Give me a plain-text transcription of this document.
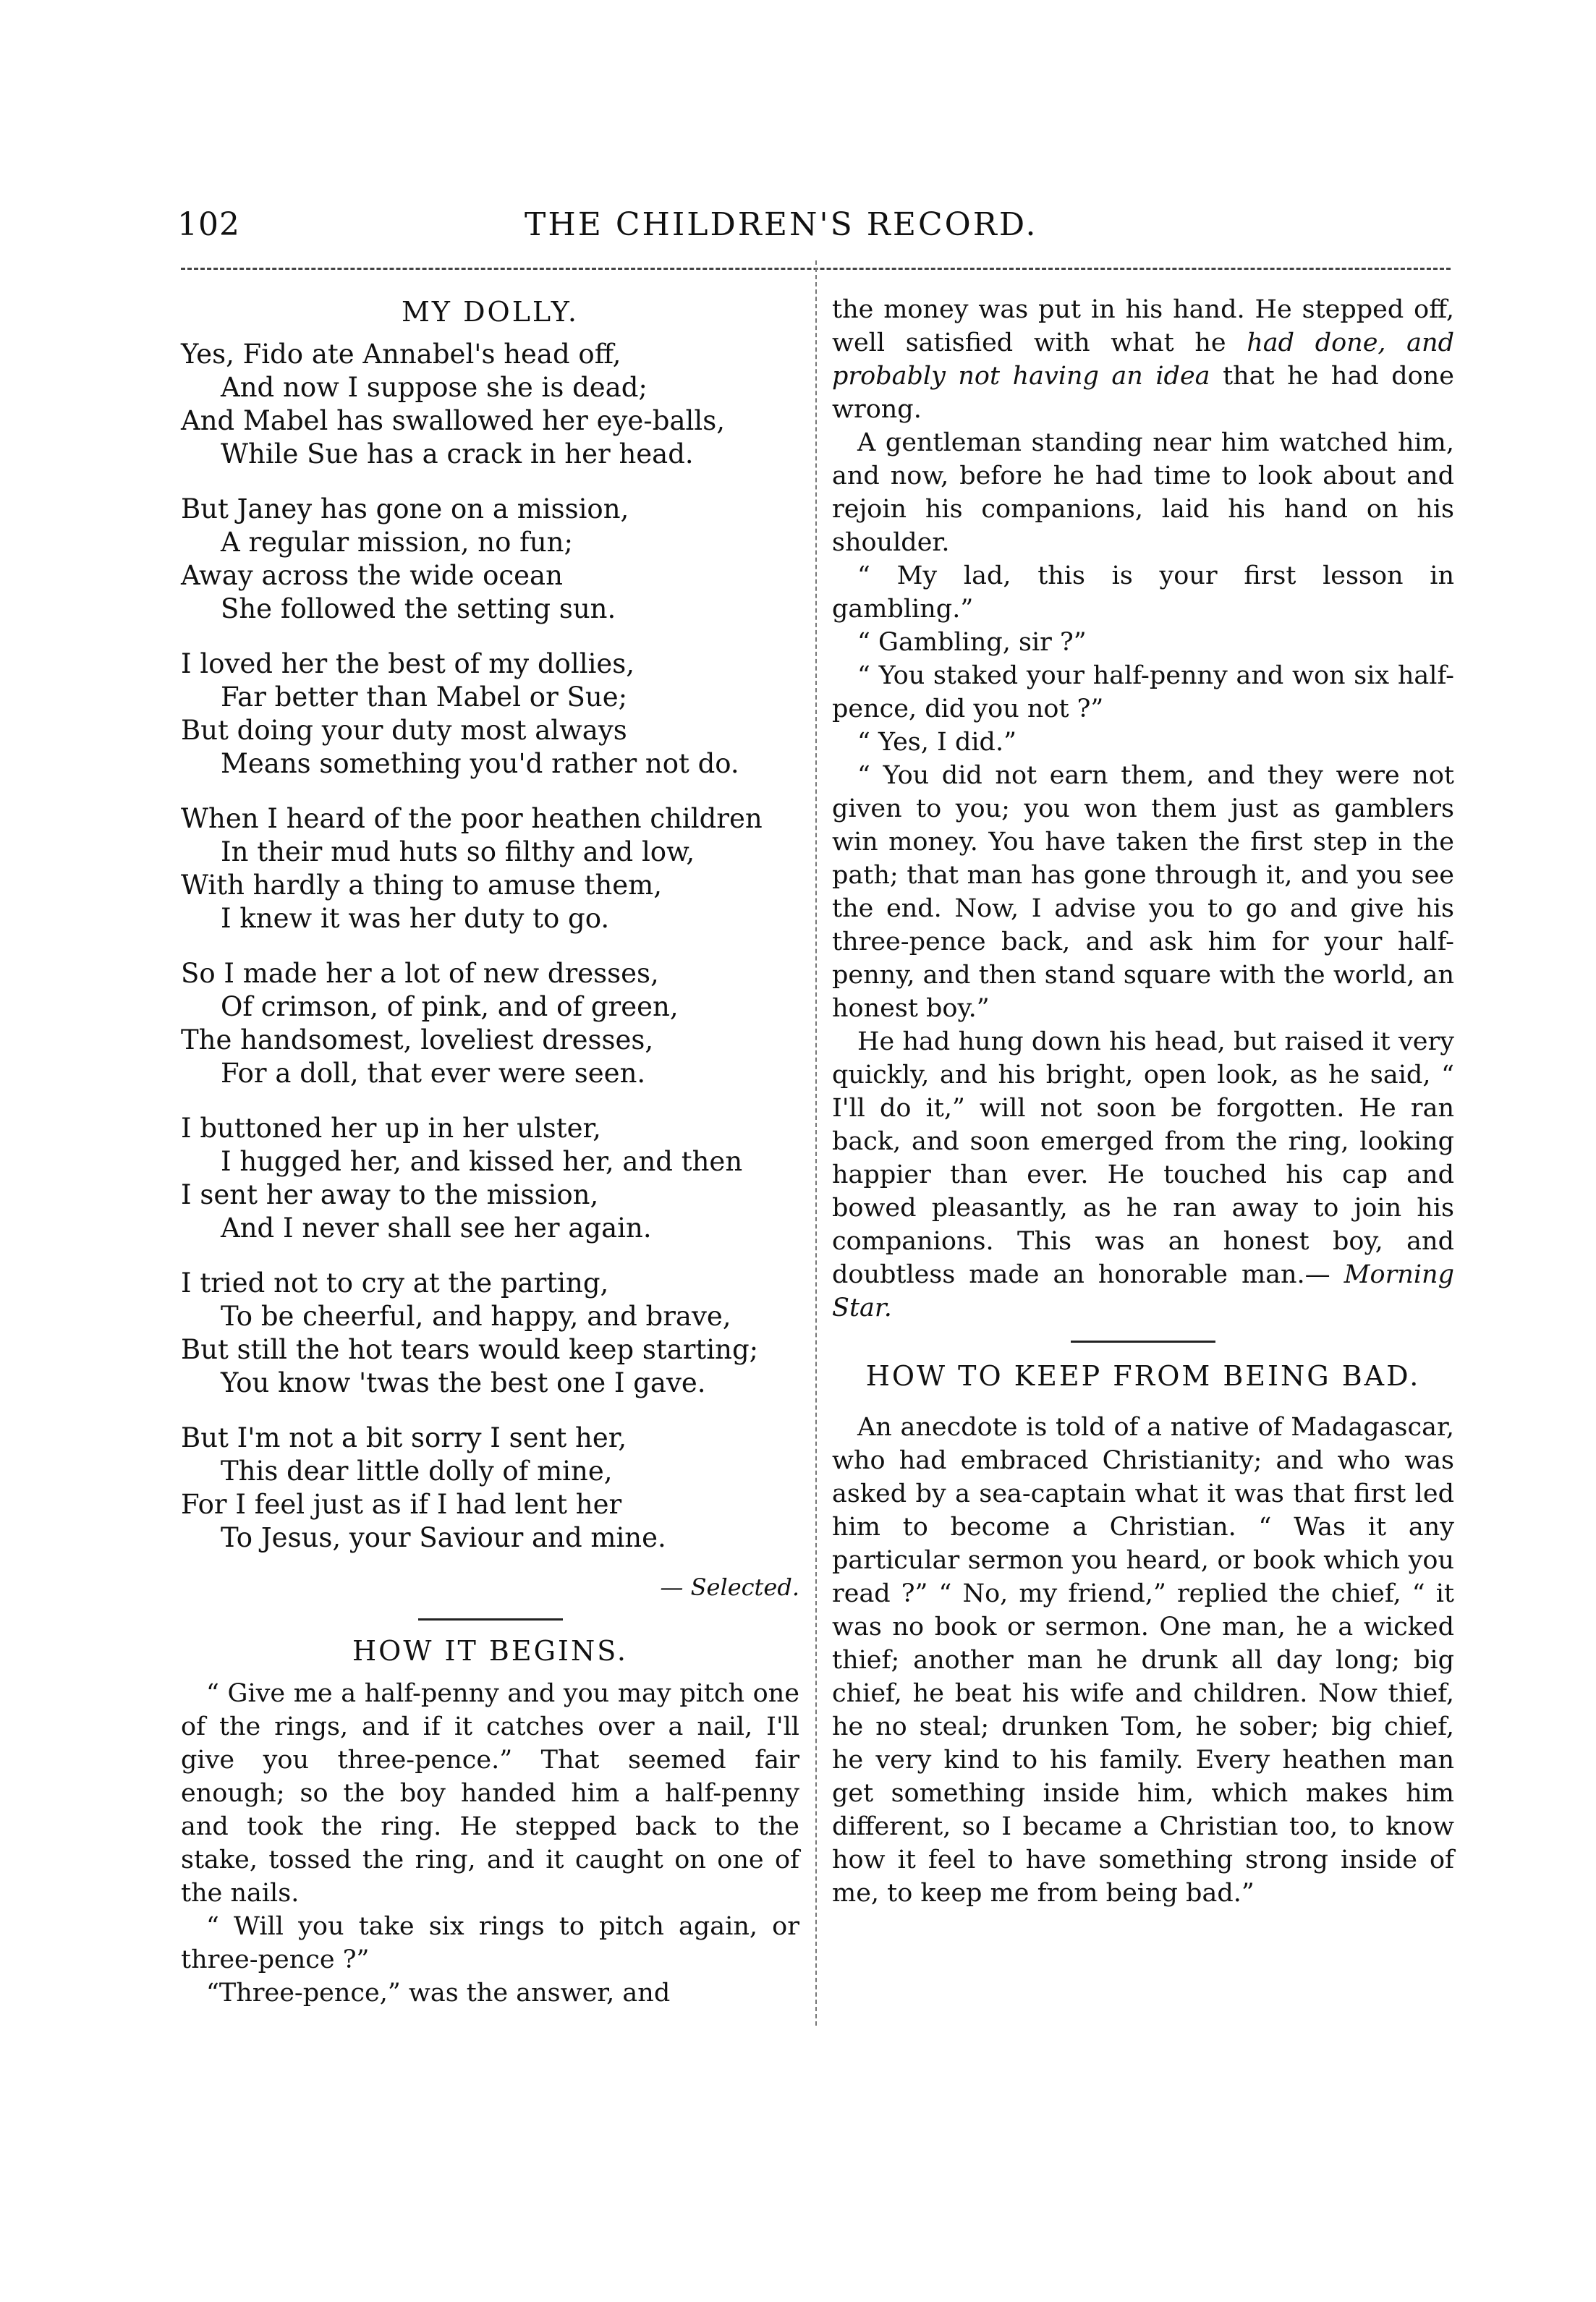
102	THE CHILDREN'S RECORD.
MY DOLLY.
Yes, Fido ate Annabel's head off,
And now I suppose she is dead;
And Mabel has swallowed her eye-balls,
While Sue has a crack in her head.
But Janey has gone on a mission,
A regular mission, no fun;
Away across the wide ocean
She followed the setting sun.
I loved her the best of my dollies,
Far better than Mabel or Sue;
But doing your duty most always
Means something you'd rather not do.
When I heard of the poor heathen children
In their mud huts so filthy and low,
With hardly a thing to amuse them,
I knew it was her duty to go.
So I made her a lot of new dresses,
Of crimson, of pink, and of green,
The handsomest, loveliest dresses,
For a doll, that ever were seen.
I buttoned her up in her ulster,
I hugged her, and kissed her, and then
I sent her away to the mission,
And I never shall see her again.
I tried not to cry at the parting,
To be cheerful, and happy, and brave,
But still the hot tears would keep starting;
You know 'twas the best one I gave.
But I'm not a bit sorry I sent her,
This dear little dolly of mine,
For I feel just as if I had lent her
To Jesus, your Saviour and mine.
— Selected.
HOW IT BEGINS.

“ Give me a half-penny and you may pitch one of the rings, and if it catches over a nail, I'll give you three-pence.” That seemed fair enough; so the boy handed him a half-penny and took the ring. He stepped back to the stake, tossed the ring, and it caught on one of the nails.

“ Will you take six rings to pitch again, or three-pence ?”

“Three-pence,” was the answer, and

the money was put in his hand. He stepped off, well satisfied with what he had done, and probably not having an idea that he had done wrong.

A gentleman standing near him watched him, and now, before he had time to look about and rejoin his companions, laid his hand on his shoulder.

“ My lad, this is your first lesson in gambling.”

“ Gambling, sir ?”

“ You staked your half-penny and won six half-pence, did you not ?”

“ Yes, I did.”

“ You did not earn them, and they were not given to you; you won them just as gamblers win money. You have taken the first step in the path; that man has gone through it, and you see the end. Now, I advise you to go and give his three-pence back, and ask him for your half-penny, and then stand square with the world, an honest boy.”

He had hung down his head, but raised it very quickly, and his bright, open look, as he said, “ I'll do it,” will not soon be forgotten. He ran back, and soon emerged from the ring, looking happier than ever. He touched his cap and bowed pleasantly, as he ran away to join his companions. This was an honest boy, and doubtless made an honorable man.— Morning Star.

HOW TO KEEP FROM BEING BAD.

An anecdote is told of a native of Madagascar, who had embraced Christianity; and who was asked by a sea-captain what it was that first led him to become a Christian. “ Was it any particular sermon you heard, or book which you read ?” “ No, my friend,” replied the chief, “ it was no book or sermon. One man, he a wicked thief; another man he drunk all day long; big chief, he beat his wife and children. Now thief, he no steal; drunken Tom, he sober; big chief, he very kind to his family. Every heathen man get something inside him, which makes him different, so I became a Christian too, to know how it feel to have something strong inside of me, to keep me from being bad.”
